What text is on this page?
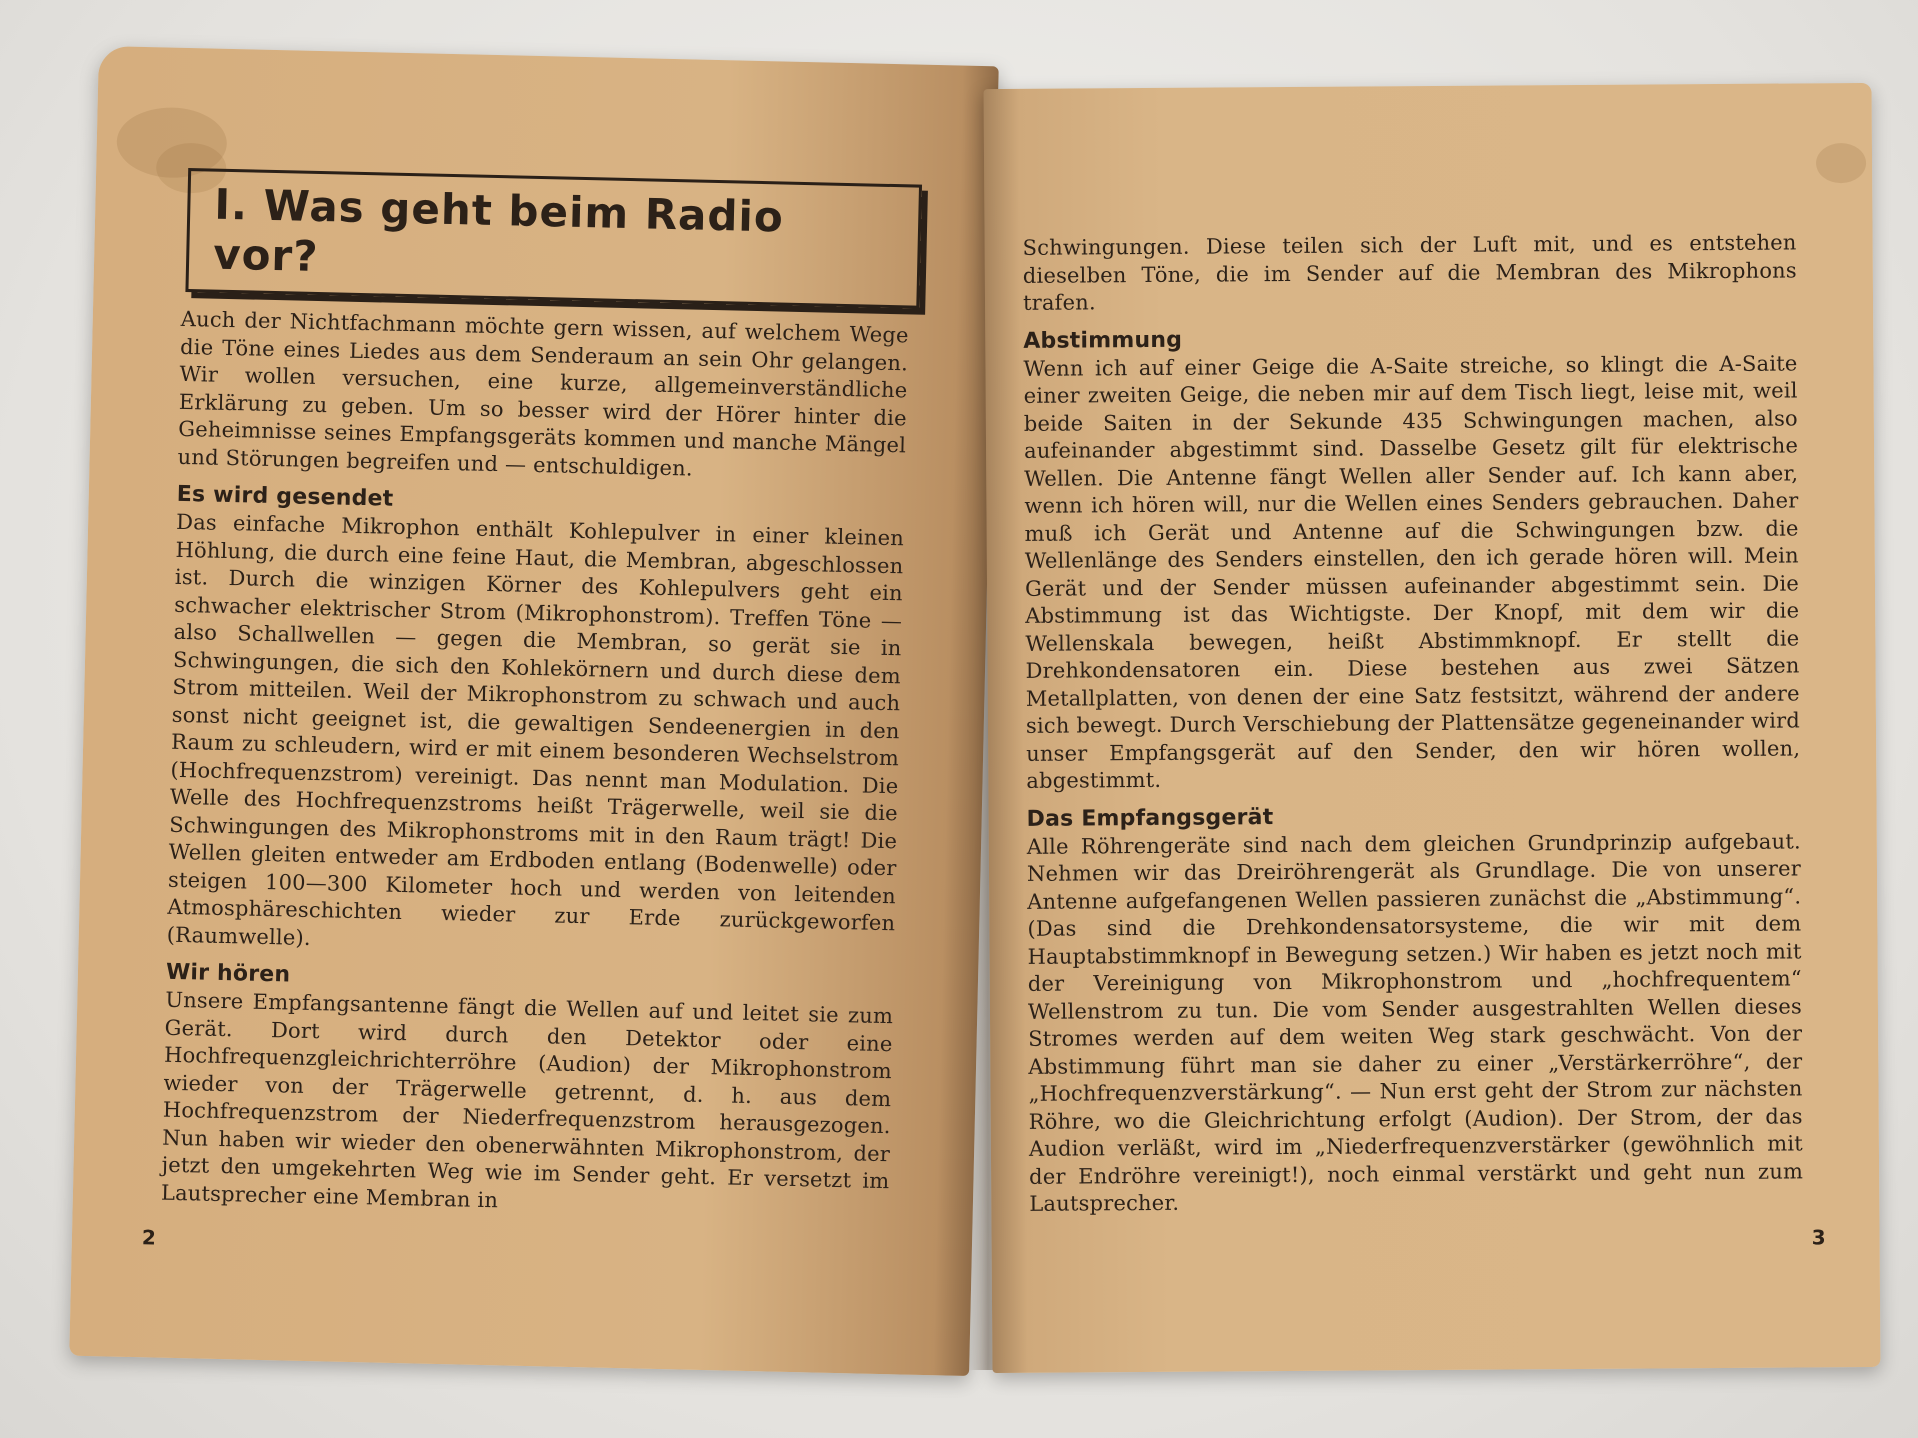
I. Was geht beim Radio vor?

Auch der Nichtfachmann möchte gern wissen, auf welchem Wege die Töne eines Liedes aus dem Senderaum an sein Ohr gelangen. Wir wollen versuchen, eine kurze, allgemeinverständliche Erklärung zu geben. Um so besser wird der Hörer hinter die Geheimnisse seines Empfangsgeräts kommen und manche Mängel und Störungen begreifen und — entschuldigen.

Es wird gesendet

Das einfache Mikrophon enthält Kohlepulver in einer kleinen Höhlung, die durch eine feine Haut, die Membran, abgeschlossen ist. Durch die winzigen Körner des Kohlepulvers geht ein schwacher elektrischer Strom (Mikrophonstrom). Treffen Töne — also Schallwellen — gegen die Membran, so gerät sie in Schwingungen, die sich den Kohlekörnern und durch diese dem Strom mitteilen. Weil der Mikrophonstrom zu schwach und auch sonst nicht geeignet ist, die gewaltigen Sendeenergien in den Raum zu schleudern, wird er mit einem besonderen Wechselstrom (Hochfrequenzstrom) vereinigt. Das nennt man Modulation. Die Welle des Hochfrequenzstroms heißt Trägerwelle, weil sie die Schwingungen des Mikrophonstroms mit in den Raum trägt! Die Wellen gleiten entweder am Erdboden entlang (Bodenwelle) oder steigen 100—300 Kilometer hoch und werden von leitenden Atmosphäreschichten wieder zur Erde zurückgeworfen (Raumwelle).

Wir hören

Unsere Empfangsantenne fängt die Wellen auf und leitet sie zum Gerät. Dort wird durch den Detektor oder eine Hochfrequenzgleichrichterröhre (Audion) der Mikrophonstrom wieder von der Trägerwelle getrennt, d. h. aus dem Hochfrequenzstrom der Niederfrequenzstrom herausgezogen. Nun haben wir wieder den obenerwähnten Mikrophonstrom, der jetzt den umgekehrten Weg wie im Sender geht. Er versetzt im Lautsprecher eine Membran in

2

Schwingungen. Diese teilen sich der Luft mit, und es entstehen dieselben Töne, die im Sender auf die Membran des Mikrophons trafen.

Abstimmung

Wenn ich auf einer Geige die A-Saite streiche, so klingt die A-Saite einer zweiten Geige, die neben mir auf dem Tisch liegt, leise mit, weil beide Saiten in der Sekunde 435 Schwingungen machen, also aufeinander abgestimmt sind. Dasselbe Gesetz gilt für elektrische Wellen. Die Antenne fängt Wellen aller Sender auf. Ich kann aber, wenn ich hören will, nur die Wellen eines Senders gebrauchen. Daher muß ich Gerät und Antenne auf die Schwingungen bzw. die Wellenlänge des Senders einstellen, den ich gerade hören will. Mein Gerät und der Sender müssen aufeinander abgestimmt sein. Die Abstimmung ist das Wichtigste. Der Knopf, mit dem wir die Wellenskala bewegen, heißt Abstimmknopf. Er stellt die Drehkondensatoren ein. Diese bestehen aus zwei Sätzen Metallplatten, von denen der eine Satz festsitzt, während der andere sich bewegt. Durch Verschiebung der Plattensätze gegeneinander wird unser Empfangsgerät auf den Sender, den wir hören wollen, abgestimmt.

Das Empfangsgerät

Alle Röhrengeräte sind nach dem gleichen Grundprinzip aufgebaut. Nehmen wir das Dreiröhrengerät als Grundlage. Die von unserer Antenne aufgefangenen Wellen passieren zunächst die „Abstimmung“. (Das sind die Drehkondensatorsysteme, die wir mit dem Hauptabstimmknopf in Bewegung setzen.) Wir haben es jetzt noch mit der Vereinigung von Mikrophonstrom und „hochfrequentem“ Wellenstrom zu tun. Die vom Sender ausgestrahlten Wellen dieses Stromes werden auf dem weiten Weg stark geschwächt. Von der Abstimmung führt man sie daher zu einer „Verstärkerröhre“, der „Hochfrequenzverstärkung“. — Nun erst geht der Strom zur nächsten Röhre, wo die Gleichrichtung erfolgt (Audion). Der Strom, der das Audion verläßt, wird im „Niederfrequenzverstärker (gewöhnlich mit der Endröhre vereinigt!), noch einmal verstärkt und geht nun zum Lautsprecher.

3
